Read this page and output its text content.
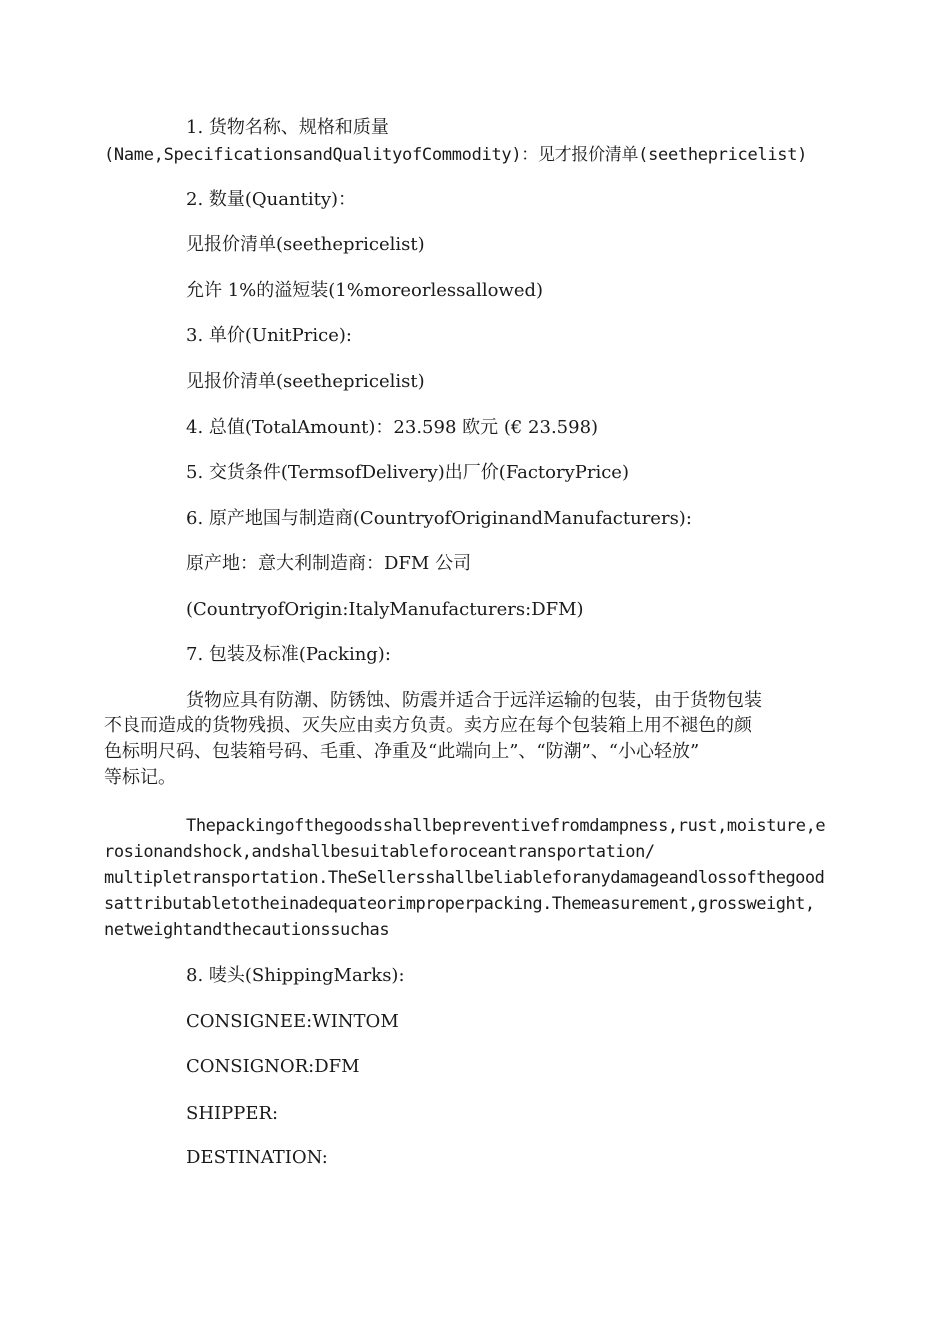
1. 货物名称、规格和质量

(Name,SpecificationsandQualityofCommodity)：见才报价清单(seethepricelist)

2. 数量(Quantity)：

见报价清单(seethepricelist)

允许 1%的溢短装(1%moreorlessallowed)

3. 单价(UnitPrice):

见报价清单(seethepricelist)

4. 总值(TotalAmount)：23.598 欧元 (€ 23.598)

5. 交货条件(TermsofDelivery)出厂价(FactoryPrice)

6. 原产地国与制造商(CountryofOriginandManufacturers):

原产地：意大利制造商：DFM 公司

(CountryofOrigin:ItalyManufacturers:DFM)

7. 包装及标准(Packing):

货物应具有防潮、防锈蚀、防震并适合于远洋运输的包装，由于货物包装

不良而造成的货物残损、灭失应由卖方负责。卖方应在每个包装箱上用不褪色的颜

色标明尺码、包装箱号码、毛重、净重及“此端向上”、“防潮”、“小心轻放”

等标记。

Thepackingofthegoodsshallbepreventivefromdampness,rust,moisture,e

rosionandshock,andshallbesuitableforoceantransportation/

multipletransportation.TheSellersshallbeliableforanydamageandlossofthegood

sattributabletotheinadequateorimproperpacking.Themeasurement,grossweight,

netweightandthecautionssuchas

8. 唛头(ShippingMarks):

CONSIGNEE:WINTOM

CONSIGNOR:DFM

SHIPPER:

DESTINATION:
